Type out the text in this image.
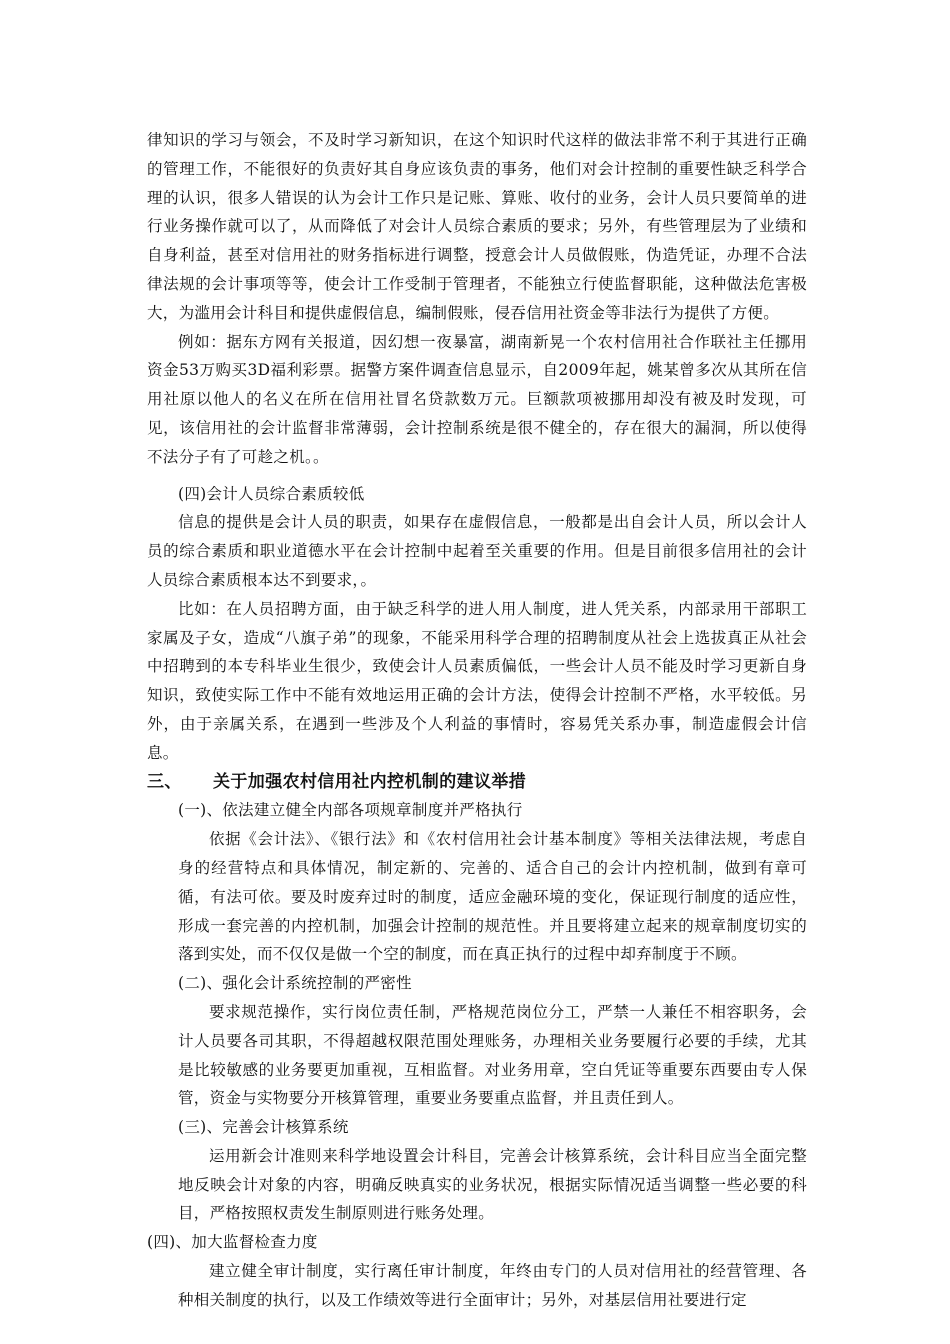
律知识的学习与领会，不及时学习新知识，在这个知识时代这样的做法非常不利于其进行正确的管理工作，不能很好的负责好其自身应该负责的事务，他们对会计控制的重要性缺乏科学合理的认识，很多人错误的认为会计工作只是记账、算账、收付的业务，会计人员只要简单的进行业务操作就可以了，从而降低了对会计人员综合素质的要求；另外，有些管理层为了业绩和自身利益，甚至对信用社的财务指标进行调整，授意会计人员做假账，伪造凭证，办理不合法律法规的会计事项等等，使会计工作受制于管理者，不能独立行使监督职能，这种做法危害极大，为滥用会计科目和提供虚假信息，编制假账，侵吞信用社资金等非法行为提供了方便。

例如：据东方网有关报道，因幻想一夜暴富，湖南新晃一个农村信用社合作联社主任挪用资金53万购买3D福利彩票。据警方案件调查信息显示，自2009年起，姚某曾多次从其所在信用社原以他人的名义在所在信用社冒名贷款数万元。巨额款项被挪用却没有被及时发现，可见，该信用社的会计监督非常薄弱，会计控制系统是很不健全的，存在很大的漏洞，所以使得不法分子有了可趁之机。。

(四)会计人员综合素质较低

信息的提供是会计人员的职责，如果存在虚假信息，一般都是出自会计人员，所以会计人员的综合素质和职业道德水平在会计控制中起着至关重要的作用。但是目前很多信用社的会计人员综合素质根本达不到要求，。

比如：在人员招聘方面，由于缺乏科学的进人用人制度，进人凭关系，内部录用干部职工家属及子女，造成“八旗子弟”的现象，不能采用科学合理的招聘制度从社会上选拔真正从社会中招聘到的本专科毕业生很少，致使会计人员素质偏低，一些会计人员不能及时学习更新自身知识，致使实际工作中不能有效地运用正确的会计方法，使得会计控制不严格，水平较低。另外，由于亲属关系，在遇到一些涉及个人利益的事情时，容易凭关系办事，制造虚假会计信息。

三、 关于加强农村信用社内控机制的建议举措

(一)、依法建立健全内部各项规章制度并严格执行

依据《会计法》、《银行法》和《农村信用社会计基本制度》等相关法律法规，考虑自身的经营特点和具体情况，制定新的、完善的、适合自己的会计内控机制，做到有章可循，有法可依。要及时废弃过时的制度，适应金融环境的变化，保证现行制度的适应性，形成一套完善的内控机制，加强会计控制的规范性。并且要将建立起来的规章制度切实的落到实处，而不仅仅是做一个空的制度，而在真正执行的过程中却弃制度于不顾。

(二)、强化会计系统控制的严密性

要求规范操作，实行岗位责任制，严格规范岗位分工，严禁一人兼任不相容职务，会计人员要各司其职，不得超越权限范围处理账务，办理相关业务要履行必要的手续，尤其是比较敏感的业务要更加重视，互相监督。对业务用章，空白凭证等重要东西要由专人保管，资金与实物要分开核算管理，重要业务要重点监督，并且责任到人。

(三)、完善会计核算系统

运用新会计准则来科学地设置会计科目，完善会计核算系统，会计科目应当全面完整地反映会计对象的内容，明确反映真实的业务状况，根据实际情况适当调整一些必要的科目，严格按照权责发生制原则进行账务处理。

(四)、加大监督检查力度

建立健全审计制度，实行离任审计制度，年终由专门的人员对信用社的经营管理、各种相关制度的执行，以及工作绩效等进行全面审计；另外，对基层信用社要进行定
